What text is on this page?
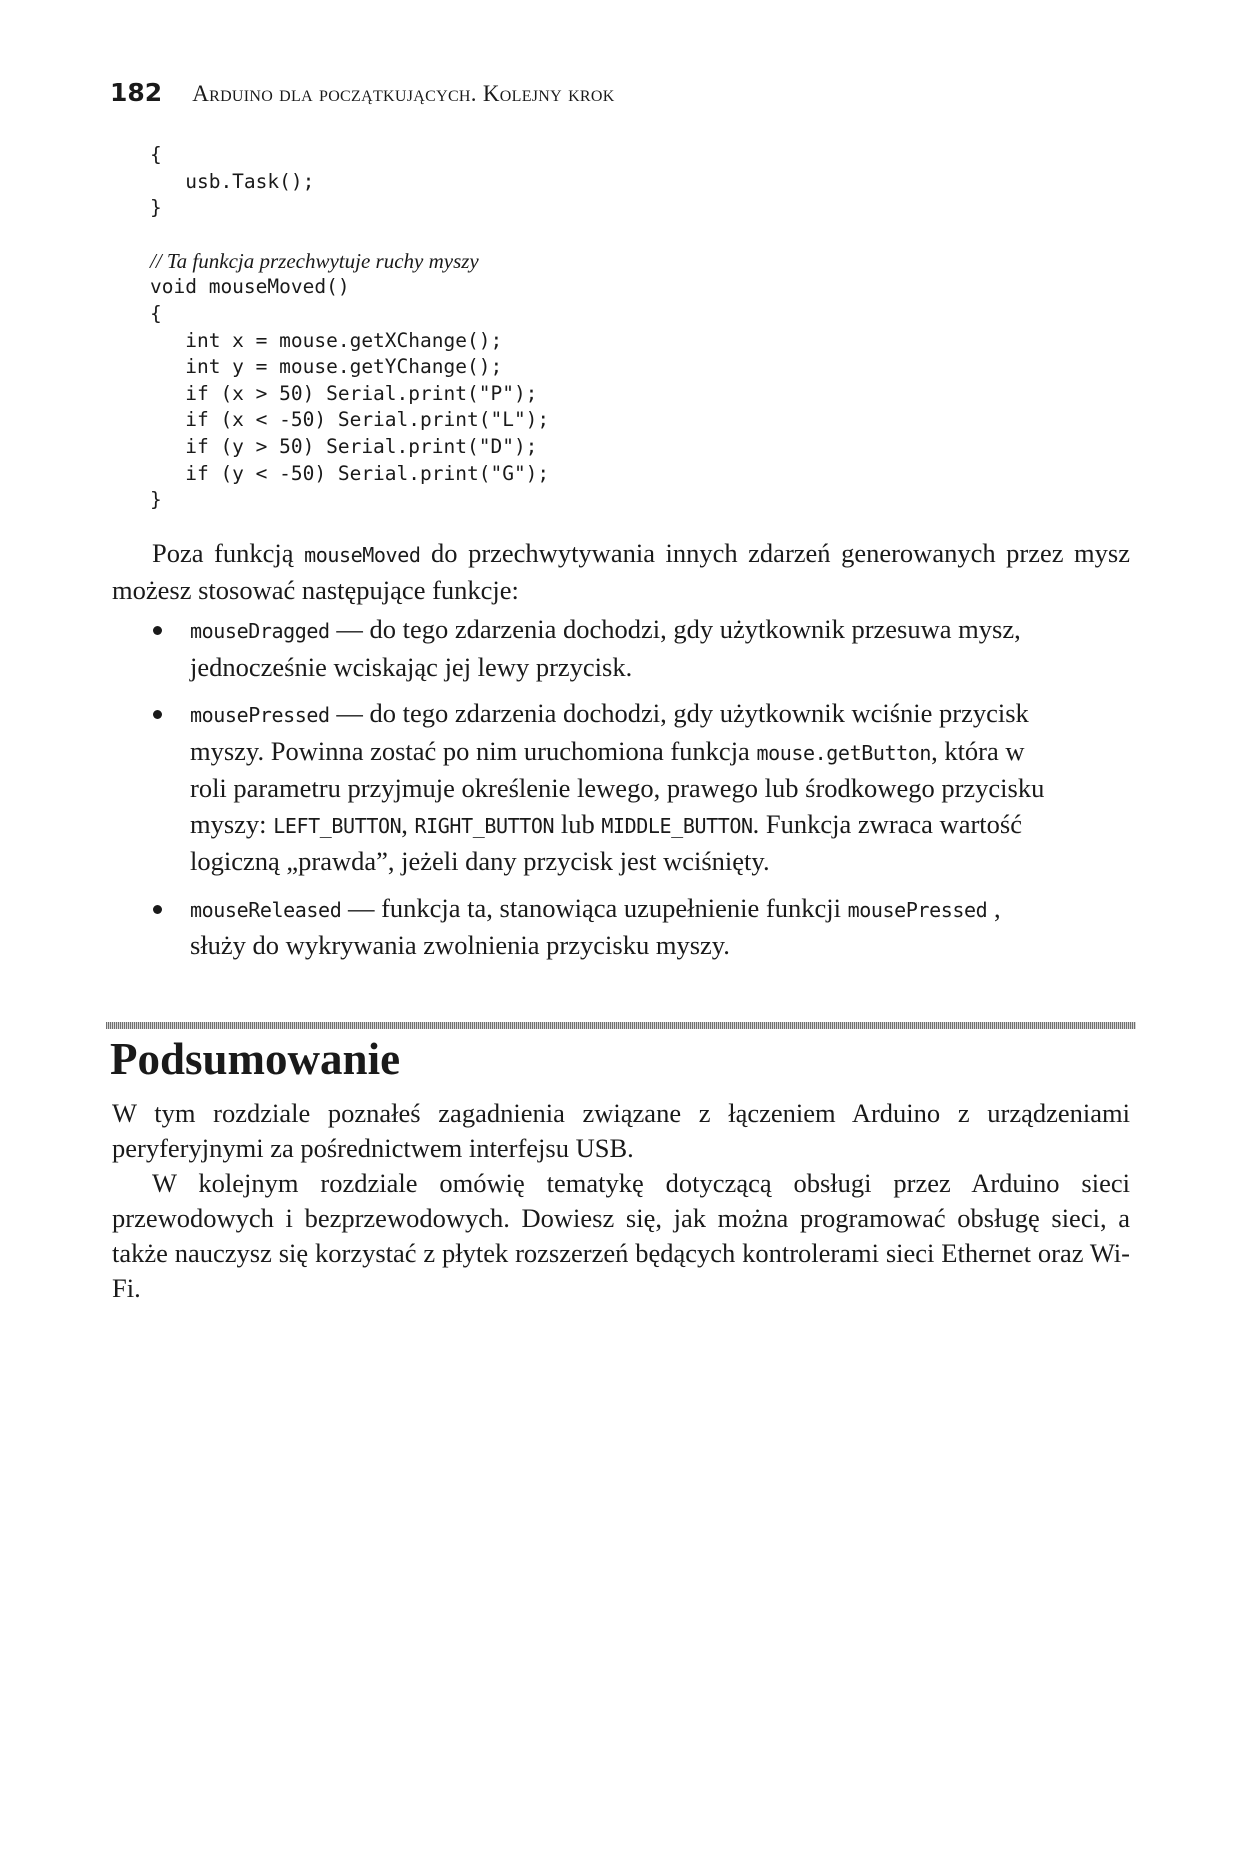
182 Arduino dla początkujących. Kolejny krok
{
usb.Task();
}
// Ta funkcja przechwytuje ruchy myszy
void mouseMoved()
{
int x = mouse.getXChange();
int y = mouse.getYChange();
if (x > 50) Serial.print("P");
if (x < -50) Serial.print("L");
if (y > 50) Serial.print("D");
if (y < -50) Serial.print("G");
}

Poza funkcją mouseMoved do przechwytywania innych zdarzeń generowanych przez mysz możesz stosować następujące funkcje:

mouseDragged — do tego zdarzenia dochodzi, gdy użytkownik przesuwa mysz, jednocześnie wciskając jej lewy przycisk.
mousePressed — do tego zdarzenia dochodzi, gdy użytkownik wciśnie przycisk myszy. Powinna zostać po nim uruchomiona funkcja mouse.getButton, która w roli parametru przyjmuje określenie lewego, prawego lub środkowego przycisku myszy: LEFT_BUTTON, RIGHT_BUTTON lub MIDDLE_BUTTON. Funkcja zwraca wartość logiczną „prawda”, jeżeli dany przycisk jest wciśnięty.
mouseReleased — funkcja ta, stanowiąca uzupełnienie funkcji mousePressed , służy do wykrywania zwolnienia przycisku myszy.
Podsumowanie

W tym rozdziale poznałeś zagadnienia związane z łączeniem Arduino z urządzeniami peryferyjnymi za pośrednictwem interfejsu USB.

W kolejnym rozdziale omówię tematykę dotyczącą obsługi przez Arduino sieci przewodowych i bezprzewodowych. Dowiesz się, jak można programować obsługę sieci, a także nauczysz się korzystać z płytek rozszerzeń będących kontrolerami sieci Ethernet oraz Wi-Fi.
